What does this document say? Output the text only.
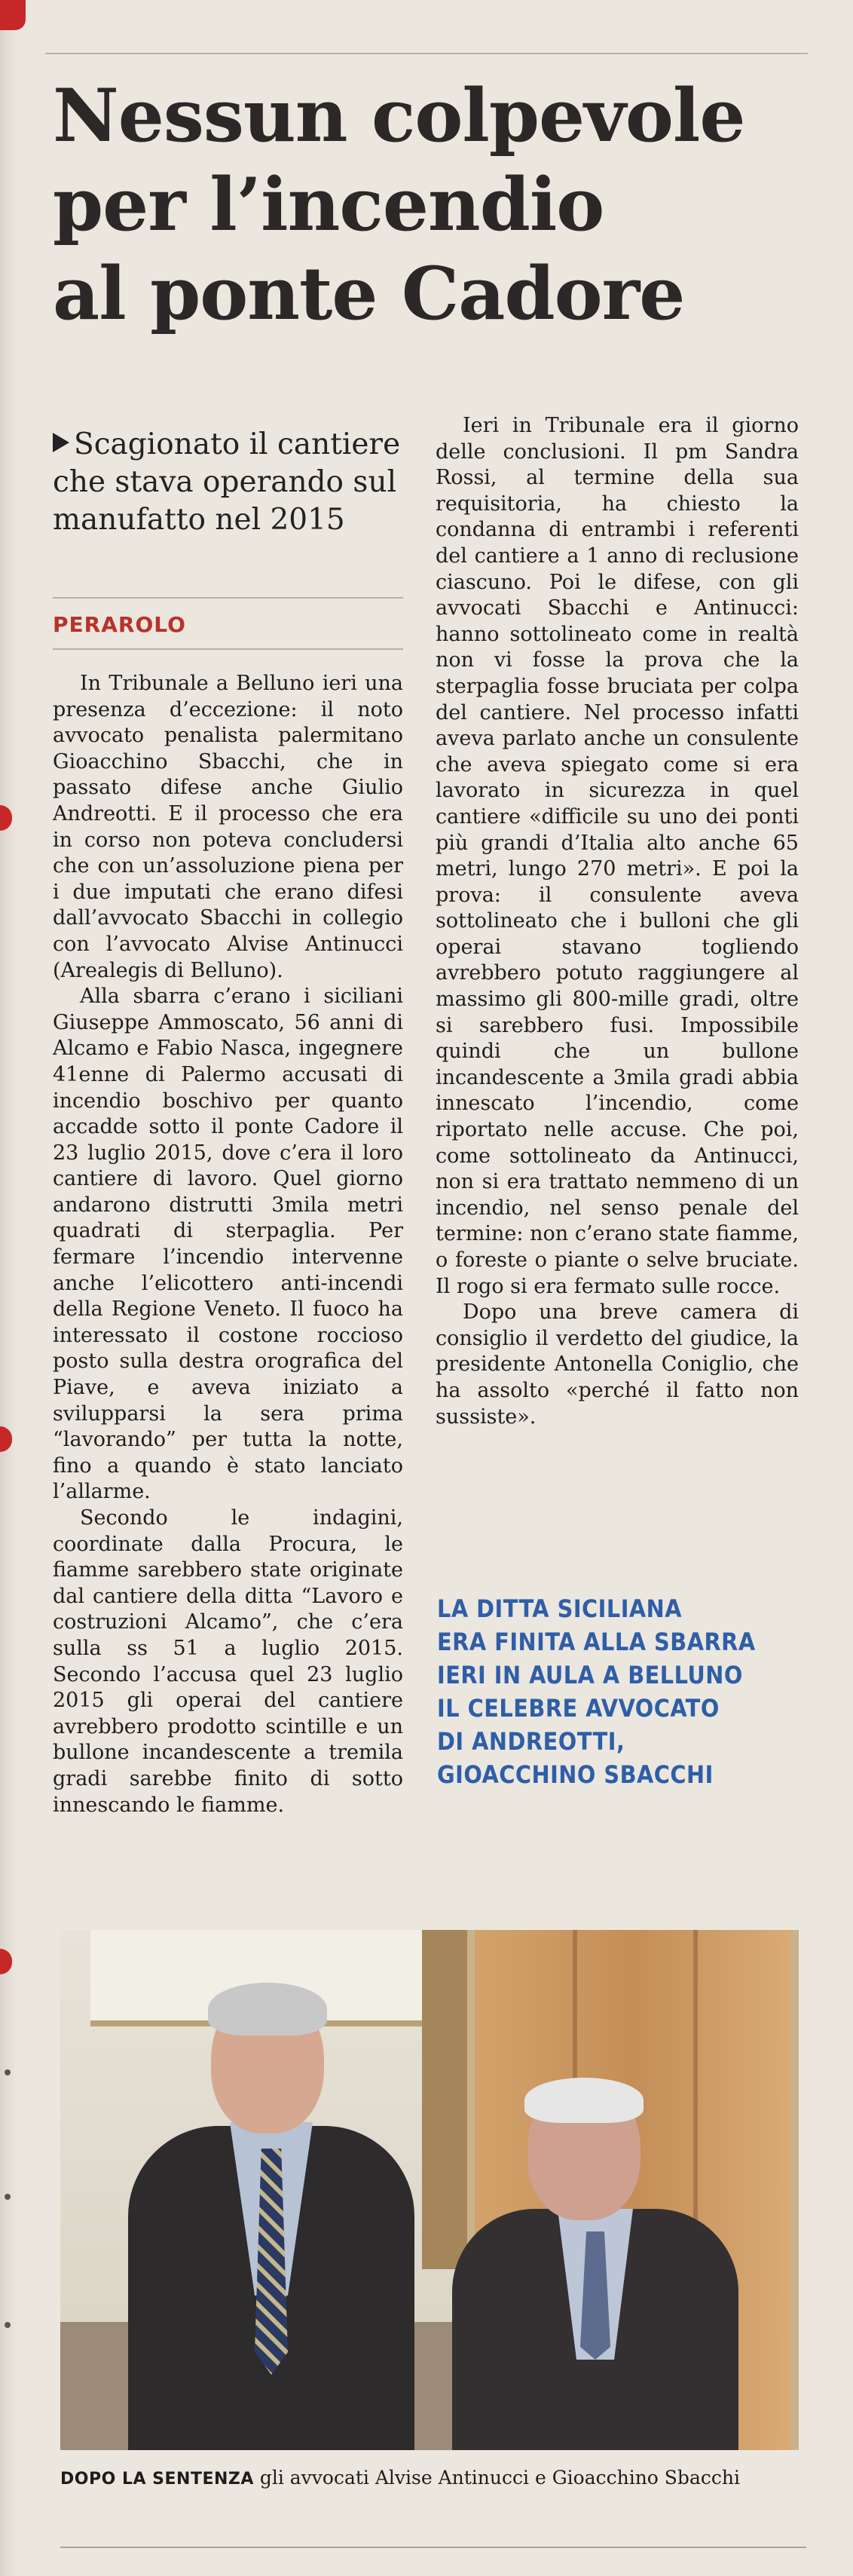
Nessun colpevole
per l’incendio
al ponte Cadore
Scagionato il cantiere che stava operando sul manufatto nel 2015
PERAROLO

In Tribunale a Belluno ieri una presenza d’eccezione: il noto avvocato penalista palermitano Gioacchino Sbacchi, che in passato difese anche Giulio Andreotti. E il processo che era in corso non poteva concludersi che con un’assoluzione piena per i due imputati che erano difesi dall’avvocato Sbacchi in collegio con l’avvocato Alvise Antinucci (Arealegis di Belluno).

Alla sbarra c’erano i siciliani Giuseppe Ammoscato, 56 anni di Alcamo e Fabio Nasca, ingegnere 41enne di Palermo accusati di incendio boschivo per quanto accadde sotto il ponte Cadore il 23 luglio 2015, dove c’era il loro cantiere di lavoro. Quel giorno andarono distrutti 3mila metri quadrati di sterpaglia. Per fermare l’incendio intervenne anche l’elicottero anti-incendi della Regione Veneto. Il fuoco ha interessato il costone roccioso posto sulla destra orografica del Piave, e aveva iniziato a svilupparsi la sera prima “lavorando” per tutta la notte, fino a quando è stato lanciato l’allarme.

Secondo le indagini, coordinate dalla Procura, le fiamme sarebbero state originate dal cantiere della ditta “Lavoro e costruzioni Alcamo”, che c’era sulla ss 51 a luglio 2015. Secondo l’accusa quel 23 luglio 2015 gli operai del cantiere avrebbero prodotto scintille e un bullone incandescente a tremila gradi sarebbe finito di sotto innescando le fiamme.

Ieri in Tribunale era il giorno delle conclusioni. Il pm Sandra Rossi, al termine della sua requisitoria, ha chiesto la condanna di entrambi i referenti del cantiere a 1 anno di reclusione ciascuno. Poi le difese, con gli avvocati Sbacchi e Antinucci: hanno sottolineato come in realtà non vi fosse la prova che la sterpaglia fosse bruciata per colpa del cantiere. Nel processo infatti aveva parlato anche un consulente che aveva spiegato come si era lavorato in sicurezza in quel cantiere «difficile su uno dei ponti più grandi d’Italia alto anche 65 metri, lungo 270 metri». E poi la prova: il consulente aveva sottolineato che i bulloni che gli operai stavano togliendo avrebbero potuto raggiungere al massimo gli 800-mille gradi, oltre si sarebbero fusi. Impossibile quindi che un bullone incandescente a 3mila gradi abbia innescato l’incendio, come riportato nelle accuse. Che poi, come sottolineato da Antinucci, non si era trattato nemmeno di un incendio, nel senso penale del termine: non c’erano state fiamme, o foreste o piante o selve bruciate. Il rogo si era fermato sulle rocce.

Dopo una breve camera di consiglio il verdetto del giudice, la presidente Antonella Coniglio, che ha assolto «perché il fatto non sussiste».

LA DITTA SICILIANA
ERA FINITA ALLA SBARRA
IERI IN AULA A BELLUNO
IL CELEBRE AVVOCATO
DI ANDREOTTI,
GIOACCHINO SBACCHI
DOPO LA SENTENZA gli avvocati Alvise Antinucci e Gioacchino Sbacchi
